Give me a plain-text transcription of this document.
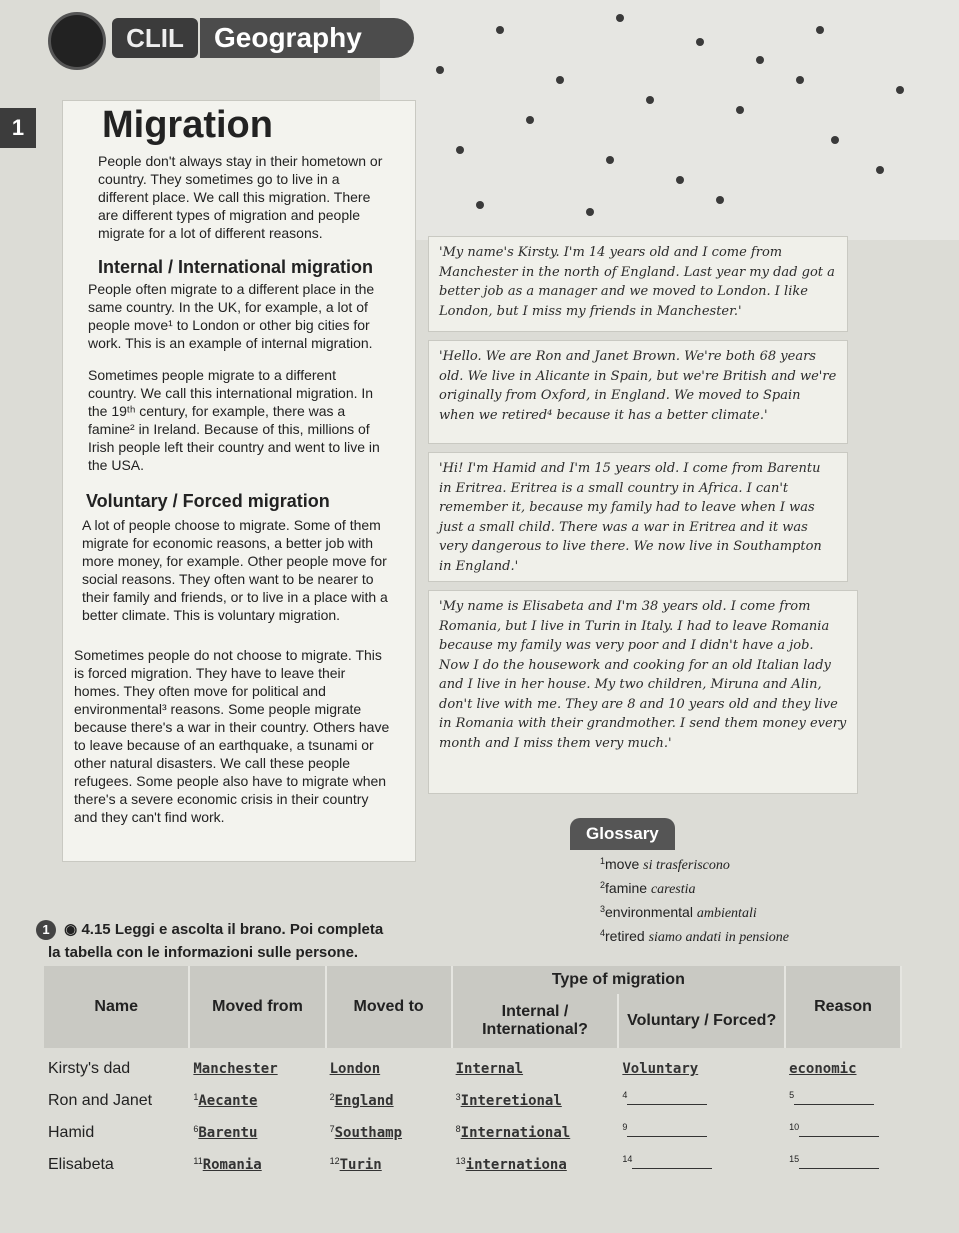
CLIL	Geography
1	Migration
People don't always stay in their hometown or country. They sometimes go to live in a different place. We call this migration. There are different types of migration and people migrate for a lot of different reasons.
Internal / International migration
People often migrate to a different place in the same country. In the UK, for example, a lot of people move¹ to London or other big cities for work. This is an example of internal migration.
Sometimes people migrate to a different country. We call this international migration. In the 19ᵗʰ century, for example, there was a famine² in Ireland. Because of this, millions of Irish people left their country and went to live in the USA.
Voluntary / Forced migration
A lot of people choose to migrate. Some of them migrate for economic reasons, a better job with more money, for example. Other people move for social reasons. They often want to be nearer to their family and friends, or to live in a place with a better climate. This is voluntary migration.
Sometimes people do not choose to migrate. This is forced migration. They have to leave their homes. They often move for political and environmental³ reasons. Some people migrate because there's a war in their country. Others have to leave because of an earthquake, a tsunami or other natural disasters. We call these people refugees. Some people also have to migrate when there's a severe economic crisis in their country and they can't find work.
'My name's Kirsty. I'm 14 years old and I come from Manchester in the north of England. Last year my dad got a better job as a manager and we moved to London. I like London, but I miss my friends in Manchester.'
'Hello. We are Ron and Janet Brown. We're both 68 years old. We live in Alicante in Spain, but we're British and we're originally from Oxford, in England. We moved to Spain when we retired⁴ because it has a better climate.'
'Hi! I'm Hamid and I'm 15 years old. I come from Barentu in Eritrea. Eritrea is a small country in Africa. I can't remember it, because my family had to leave when I was just a small child. There was a war in Eritrea and it was very dangerous to live there. We now live in Southampton in England.'
'My name is Elisabeta and I'm 38 years old. I come from Romania, but I live in Turin in Italy. I had to leave Romania because my family was very poor and I didn't have a job. Now I do the housework and cooking for an old Italian lady and I live in her house. My two children, Miruna and Alin, don't live with me. They are 8 and 10 years old and they live in Romania with their grandmother. I send them money every month and I miss them very much.'
Glossary
$^1$move si trasferiscono
$^2$famine carestia
$^3$environmental ambientali
$^4$retired siamo andati in pensione
1 ◉ 4.15 Leggi e ascolta il brano. Poi completa
la tabella con le informazioni sulle persone.
Name	Moved from	Moved to	Type of migration		Reason
			Internal / International?	Voluntary / Forced?	
Kirsty's dad	Manchester	London	Internal	Voluntary	economic
Ron and Janet	$^1$Aecante	$^2$England	$^3$Interetional	$^4$	$^5$
Hamid	$^6$Barentu	$^7$Southamp	$^8$International	$^9$	$^{10}$
Elisabeta	$^{11}$Romania	$^{12}$Turin	$^{13}$internationa	$^{14}$	$^{15}$
